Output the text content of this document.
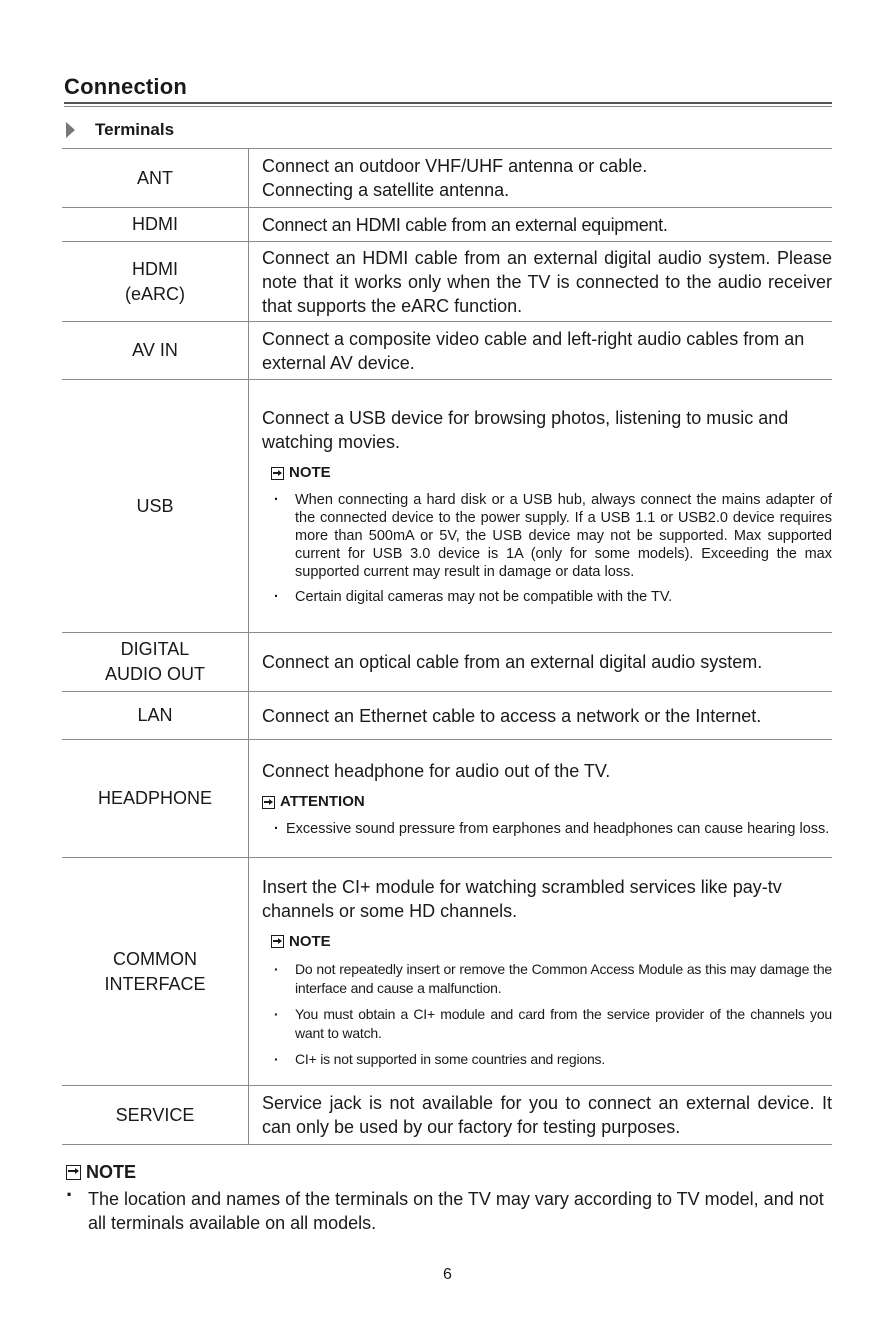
Connection
Terminals
ANT
Connect an outdoor VHF/UHF antenna or cable.
Connecting a satellite antenna.
HDMI	Connect an HDMI cable from an external equipment.
HDMI
(eARC)
Connect an HDMI cable from an external digital audio system. Please note that it works only when the TV is connected to the audio receiver that supports the eARC function.
AV IN
Connect a composite video cable and left-right audio cables from an external AV device.
USB
Connect a USB device for browsing photos, listening to music and watching movies.
NOTE
· When connecting a hard disk or a USB hub, always connect the mains adapter of the connected device to the power supply. If a USB 1.1 or USB2.0 device requires more than 500mA or 5V, the USB device may not be supported. Max supported current for USB 3.0 device is 1A (only for some models). Exceeding the max supported current may result in damage or data loss.
· Certain digital cameras may not be compatible with the TV.
DIGITAL
AUDIO OUT
Connect an optical cable from an external digital audio system.
LAN	Connect an Ethernet cable to access a network or the Internet.
HEADPHONE
Connect headphone for audio out of the TV.
ATTENTION
· Excessive sound pressure from earphones and headphones can cause hearing loss.
COMMON
INTERFACE
Insert the CI+ module for watching scrambled services like pay-tv channels or some HD channels.
NOTE
· Do not repeatedly insert or remove the Common Access Module as this may damage the interface and cause a malfunction.
· You must obtain a CI+ module and card from the service provider of the channels you want to watch.
· CI+ is not supported in some countries and regions.
SERVICE
Service jack is not available for you to connect an external device. It can only be used by our factory for testing purposes.
NOTE
· The location and names of the terminals on the TV may vary according to TV model, and not all terminals available on all models.
6
